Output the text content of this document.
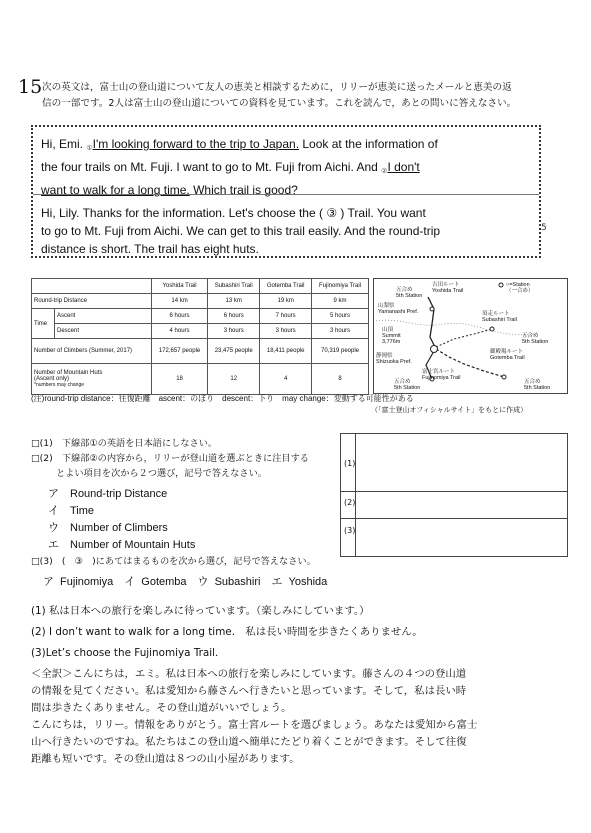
15 次の英文は，富士山の登山道について友人の恵美と相談するために，リリーが恵美に送ったメールと恵美の返
信の一部です。2人は富士山の登山道についての資料を見ています。これを読んで，あとの問いに答えなさい。
Hi, Emi. $_①$I'm looking forward to the trip to Japan. Look at the information of
the four trails on Mt. Fuji. I want to go to Mt. Fuji from Aichi. And $_②$I don't
want to walk for a long time. Which trail is good?
Hi, Lily. Thanks for the information. Let's choose the ( ③ ) Trail. You want
to go to Mt. Fuji from Aichi. We can get to this trail easily. And the round-trip
distance is short. The trail has eight huts.
5
		Yoshida Trail	Subashiri Trail	Gotemba Trail	Fujinomiya Trail
Round-trip Distance		14 km	13 km	19 km	9 km
Time	Ascent	6 hours	6 hours	7 hours	5 hours
	Descent	4 hours	3 hours	3 hours	3 hours
Number of Climbers (Summer, 2017)		172,657 people	23,475 people	18,411 people	70,319 people

Number of Mountain Huts
(Ascent only)
*numbers may change		18	12	4	8
吉田ルート
Yoshida Trail
○=Station
（一合め）
五合め
5th Station
山梨県
Yamanashi Pref.	須走ルート
Subashiri Trail
山頂
Summit
3,776m
五合め
5th Station
御殿場ルート
Gotemba Trail
静岡県
Shizuoka Pref.
富士宮ルート
Fujinomiya Trail
五合め
5th Station
五合め
5th Station
(注)round-trip distance：往復距離　ascent：のぼり　descent：下り　may change：変動する可能性がある
（「富士登山オフィシャルサイト」をもとに作成）
□(1)　下線部①の英語を日本語にしなさい。
□(2)　下線部②の内容から，リリーが登山道を選ぶときに注目する
とよい項目を次から２つ選び，記号で答えなさい。
ア　Round-trip Distance
イ　Time
ウ　Number of Climbers
エ　Number of Mountain Huts
□(3)　(　③　)にあてはまるものを次から選び，記号で答えなさい。
ア Fujinomiya　イ Gotemba　ウ Subashiri　エ Yoshida
(1)
(2)
(3)
(1) 私は日本への旅行を楽しみに待っています。（楽しみにしています。）
(2) I don’t want to walk for a long time.　私は長い時間を歩きたくありません。
(3)Let’s choose the Fujinomiya Trail.
＜全訳＞こんにちは，エミ。私は日本への旅行を楽しみにしています。藤さんの４つの登山道
の情報を見てください。私は愛知から藤さんへ行きたいと思っています。そして，私は長い時
間は歩きたくありません。その登山道がいいでしょう。
こんにちは，リリー。情報をありがとう。富士宮ルートを選びましょう。あなたは愛知から富士
山へ行きたいのですね。私たちはこの登山道へ簡単にたどり着くことができます。そして往復
距離も短いです。その登山道は８つの山小屋があります。
